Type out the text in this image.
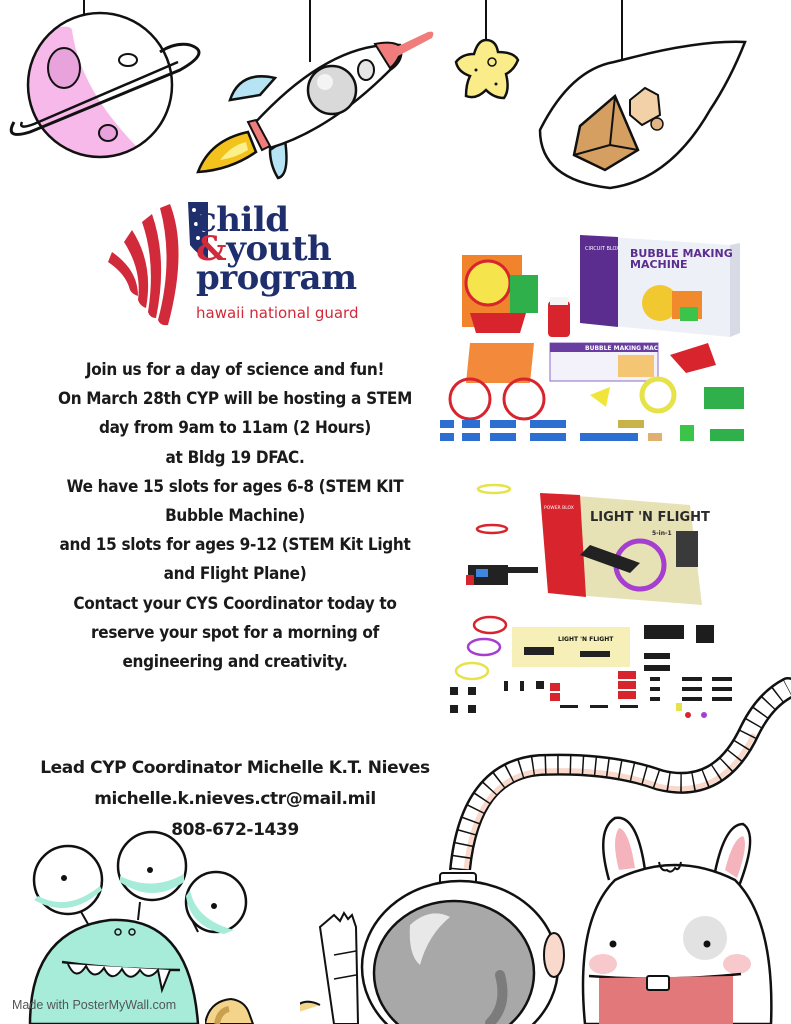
child
&youth
program
hawaii national guard
Join us for a day of science and fun!
On March 28th CYP will be hosting a STEM
day from 9am to 11am (2 Hours)
at Bldg 19 DFAC.
We have 15 slots for ages 6-8 (STEM KIT
Bubble Machine)
and 15 slots for ages 9-12 (STEM Kit Light
and Flight Plane)
Contact your CYS Coordinator today to
reserve your spot for a morning of
engineering and creativity.
Lead CYP Coordinator Michelle K.T. Nieves
michelle.k.nieves.ctr@mail.mil
808-672-1439
BUBBLE MAKING
MACHINE
CIRCUIT BLOX
BUBBLE MAKING MACHINE
LIGHT 'N FLIGHT
5-in-1
POWER BLOX
LIGHT 'N FLIGHT
Made with PosterMyWall.com
